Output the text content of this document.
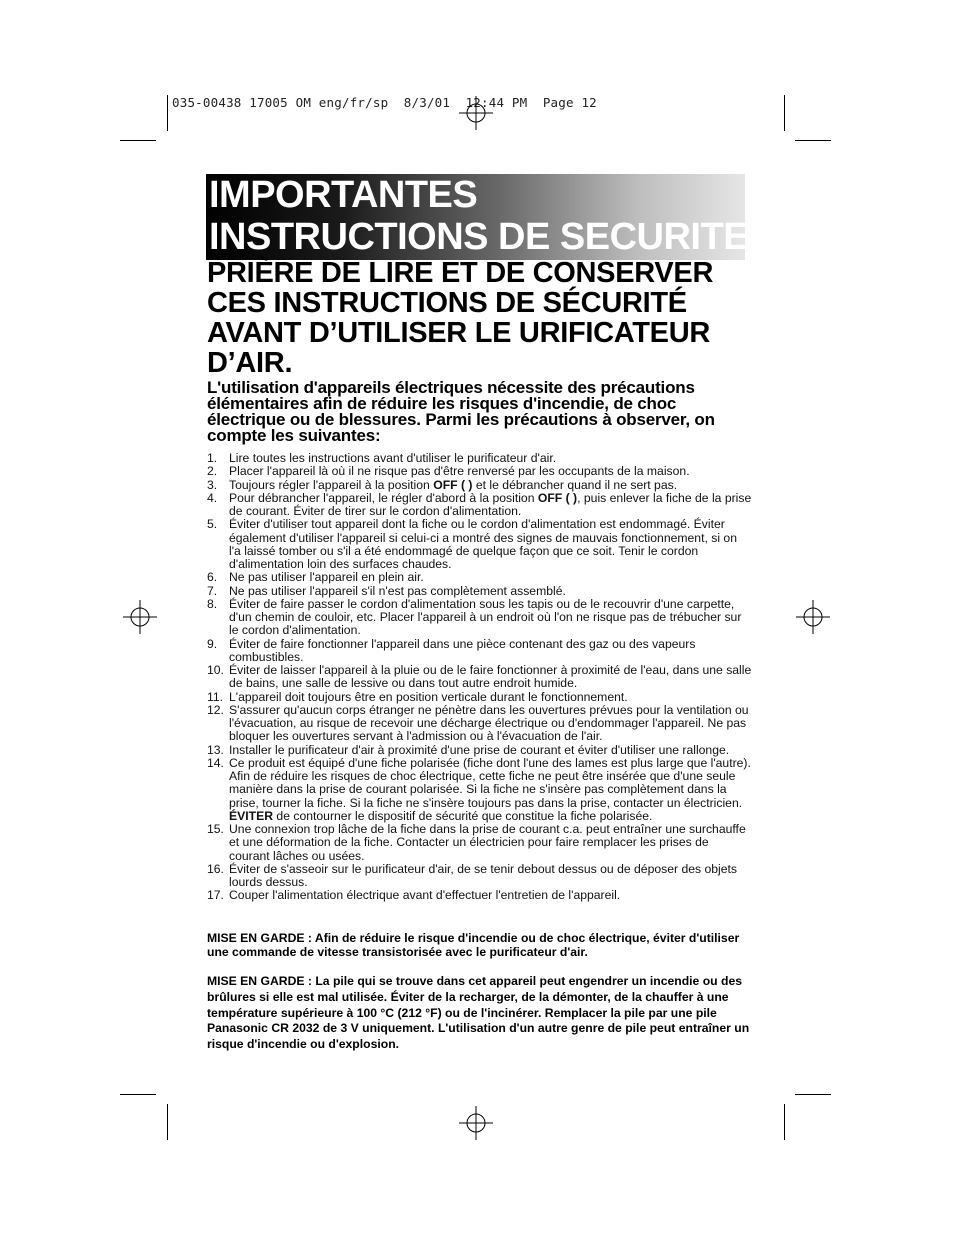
035-00438 17005 OM eng/fr/sp  8/3/01  12:44 PM  Page 12
IMPORTANTES
INSTRUCTIONS DE SECURITE
PRIÈRE DE LIRE ET DE CONSERVER
CES INSTRUCTIONS DE SÉCURITÉ
AVANT D’UTILISER LE URIFICATEUR
D’AIR.
L'utilisation d'appareils électriques nécessite des précautions élémentaires afin de réduire les risques d'incendie, de choc électrique ou de blessures. Parmi les précautions à observer, on compte les suivantes:
1. Lire toutes les instructions avant d'utiliser le purificateur d'air.
2. Placer l'appareil là où il ne risque pas d'être renversé par les occupants de la maison.
3. Toujours régler l'appareil à la position OFF ( ) et le débrancher quand il ne sert pas.
4. Pour débrancher l'appareil, le régler d'abord à la position OFF ( ), puis enlever la fiche de la prise de courant. Éviter de tirer sur le cordon d'alimentation.
5. Éviter d'utiliser tout appareil dont la fiche ou le cordon d'alimentation est endommagé. Éviter également d'utiliser l'appareil si celui-ci a montré des signes de mauvais fonctionnement, si on l'a laissé tomber ou s'il a été endommagé de quelque façon que ce soit. Tenir le cordon d'alimentation loin des surfaces chaudes.
6. Ne pas utiliser l'appareil en plein air.
7. Ne pas utiliser l'appareil s'il n'est pas complètement assemblé.
8. Éviter de faire passer le cordon d'alimentation sous les tapis ou de le recouvrir d'une carpette, d'un chemin de couloir, etc. Placer l'appareil à un endroit où l'on ne risque pas de trébucher sur le cordon d'alimentation.
9. Éviter de faire fonctionner l'appareil dans une pièce contenant des gaz ou des vapeurs combustibles.
10. Éviter de laisser l'appareil à la pluie ou de le faire fonctionner à proximité de l'eau, dans une salle de bains, une salle de lessive ou dans tout autre endroit humide.
11. L'appareil doit toujours être en position verticale durant le fonctionnement.
12. S'assurer qu'aucun corps étranger ne pénètre dans les ouvertures prévues pour la ventilation ou l'évacuation, au risque de recevoir une décharge électrique ou d'endommager l'appareil. Ne pas bloquer les ouvertures servant à l'admission ou à l'évacuation de l'air.
13. Installer le purificateur d'air à proximité d'une prise de courant et éviter d'utiliser une rallonge.
14. Ce produit est équipé d'une fiche polarisée (fiche dont l'une des lames est plus large que l'autre). Afin de réduire les risques de choc électrique, cette fiche ne peut être insérée que d'une seule manière dans la prise de courant polarisée. Si la fiche ne s'insère pas complètement dans la prise, tourner la fiche. Si la fiche ne s'insère toujours pas dans la prise, contacter un électricien. ÉVITER de contourner le dispositif de sécurité que constitue la fiche polarisée.
15. Une connexion trop lâche de la fiche dans la prise de courant c.a. peut entraîner une surchauffe et une déformation de la fiche. Contacter un électricien pour faire remplacer les prises de courant lâches ou usées.
16. Éviter de s'asseoir sur le purificateur d'air, de se tenir debout dessus ou de déposer des objets lourds dessus.
17. Couper l'alimentation électrique avant d'effectuer l'entretien de l'appareil.
MISE EN GARDE : Afin de réduire le risque d'incendie ou de choc électrique, éviter d'utiliser une commande de vitesse transistorisée avec le purificateur d'air.
MISE EN GARDE : La pile qui se trouve dans cet appareil peut engendrer un incendie ou des brûlures si elle est mal utilisée. Éviter de la recharger, de la démonter, de la chauffer à une température supérieure à 100 °C (212 °F) ou de l'incinérer. Remplacer la pile par une pile Panasonic CR 2032 de 3 V uniquement. L'utilisation d'un autre genre de pile peut entraîner un risque d'incendie ou d'explosion.
